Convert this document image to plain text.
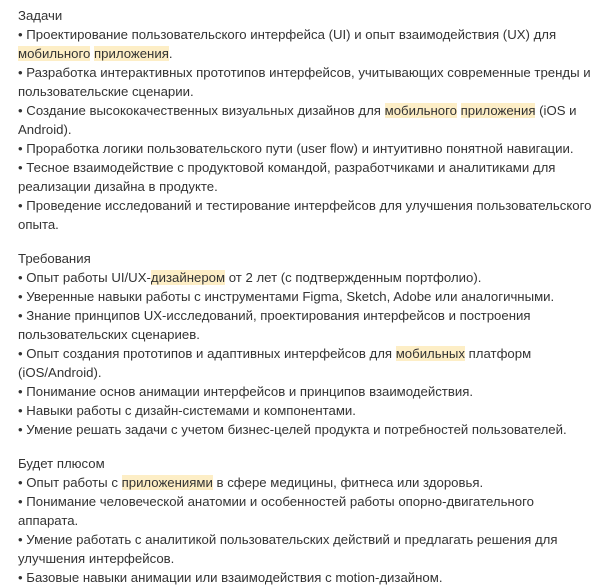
Задачи
• Проектирование пользовательского интерфейса (UI) и опыт взаимодействия (UX) для мобильного приложения.
• Разработка интерактивных прототипов интерфейсов, учитывающих современные тренды и пользовательские сценарии.
• Создание высококачественных визуальных дизайнов для мобильного приложения (iOS и Android).
• Проработка логики пользовательского пути (user flow) и интуитивно понятной навигации.
• Тесное взаимодействие с продуктовой командой, разработчиками и аналитиками для реализации дизайна в продукте.
• Проведение исследований и тестирование интерфейсов для улучшения пользовательского опыта.
Требования
• Опыт работы UI/UX-дизайнером от 2 лет (с подтвержденным портфолио).
• Уверенные навыки работы с инструментами Figma, Sketch, Adobe или аналогичными.
• Знание принципов UX-исследований, проектирования интерфейсов и построения пользовательских сценариев.
• Опыт создания прототипов и адаптивных интерфейсов для мобильных платформ (iOS/Android).
• Понимание основ анимации интерфейсов и принципов взаимодействия.
• Навыки работы с дизайн-системами и компонентами.
• Умение решать задачи с учетом бизнес-целей продукта и потребностей пользователей.
Будет плюсом
• Опыт работы с приложениями в сфере медицины, фитнеса или здоровья.
• Понимание человеческой анатомии и особенностей работы опорно-двигательного аппарата.
• Умение работать с аналитикой пользовательских действий и предлагать решения для улучшения интерфейсов.
• Базовые навыки анимации или взаимодействия с motion-дизайном.
